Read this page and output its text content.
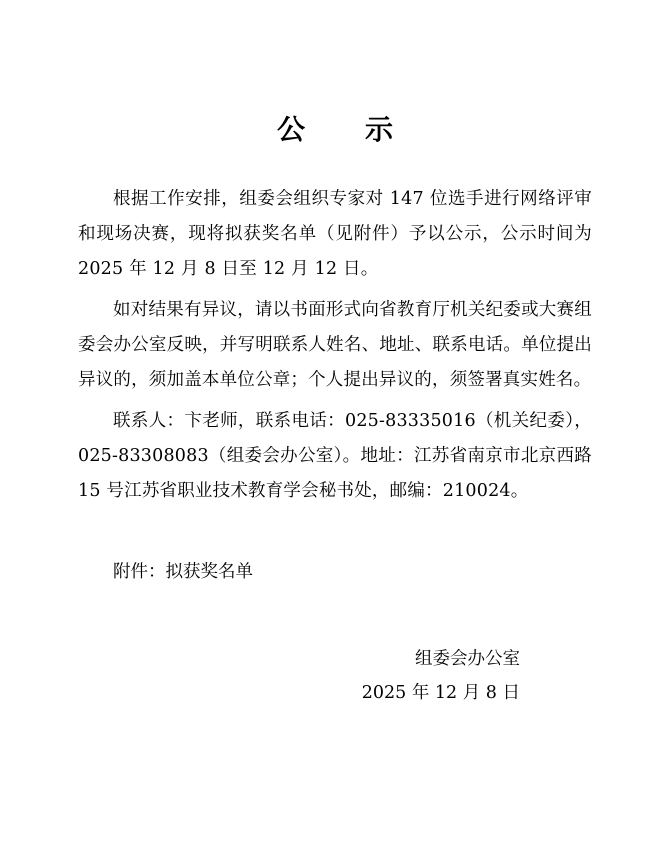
公　示

根据工作安排，组委会组织专家对 147 位选手进行网络评审和现场决赛，现将拟获奖名单（见附件）予以公示，公示时间为 2025 年 12 月 8 日至 12 月 12 日。

如对结果有异议，请以书面形式向省教育厅机关纪委或大赛组委会办公室反映，并写明联系人姓名、地址、联系电话。单位提出异议的，须加盖本单位公章；个人提出异议的，须签署真实姓名。

联系人：卞老师，联系电话：025-83335016（机关纪委），025-83308083（组委会办公室）。地址：江苏省南京市北京西路 15 号江苏省职业技术教育学会秘书处，邮编：210024。

附件：拟获奖名单
组委会办公室
2025 年 12 月 8 日
